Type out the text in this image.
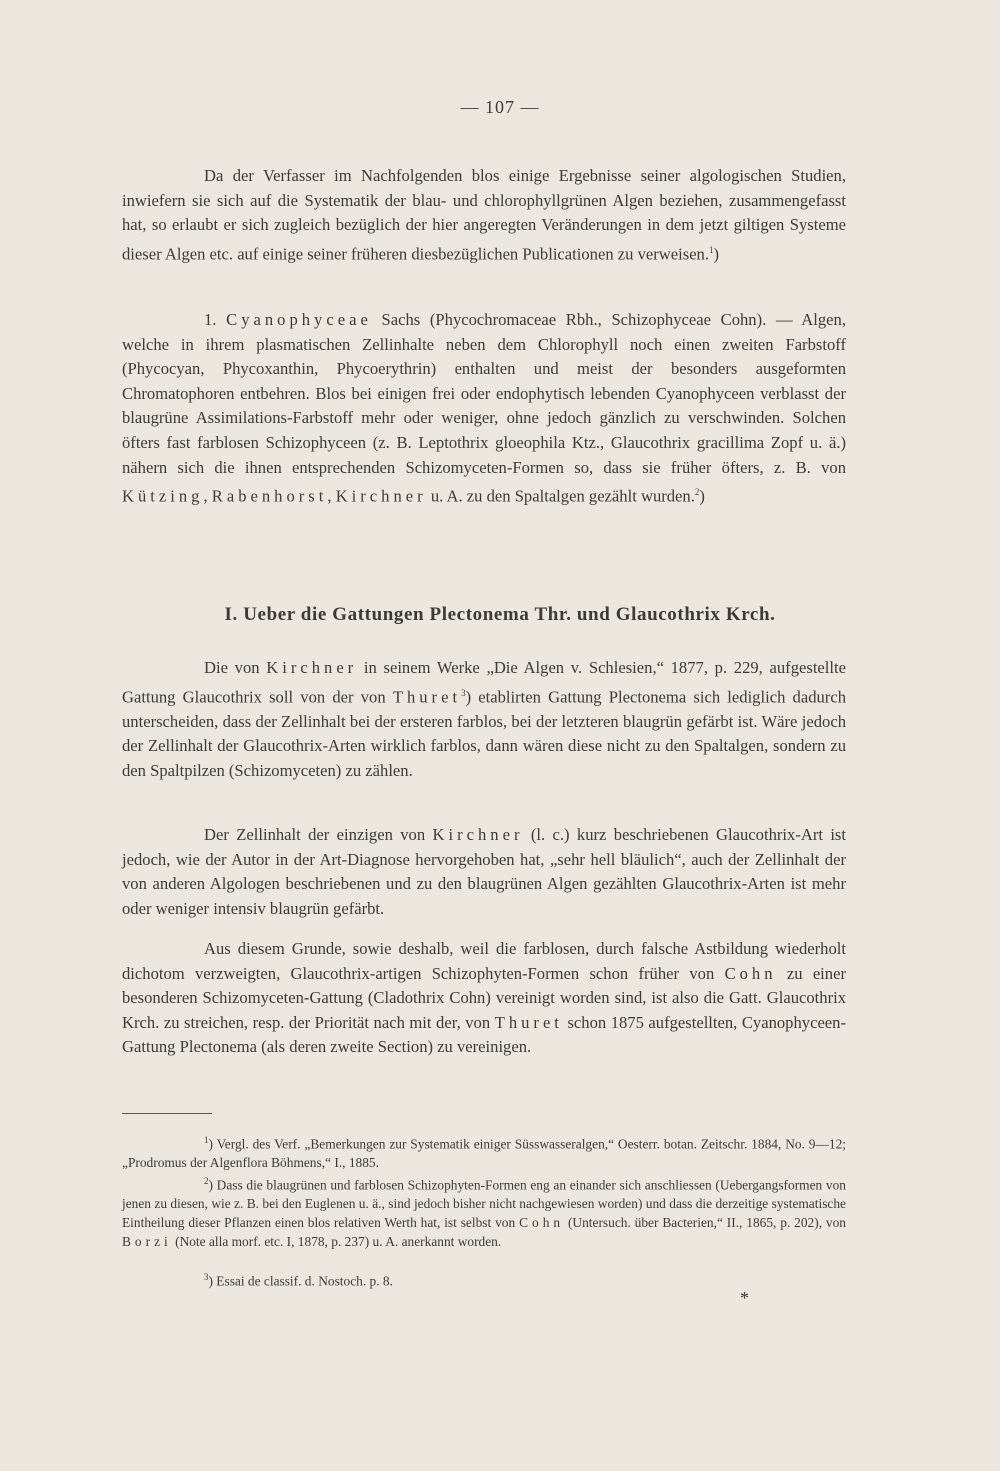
— 107 —

Da der Verfasser im Nachfolgenden blos einige Ergebnisse seiner algologischen Studien, inwiefern sie sich auf die Systematik der blau- und chlorophyllgrünen Algen beziehen, zusammengefasst hat, so erlaubt er sich zugleich bezüglich der hier angeregten Veränderungen in dem jetzt giltigen Systeme dieser Algen etc. auf einige seiner früheren diesbezüglichen Publicationen zu verweisen.$^1$)

1. Cyanophyceae Sachs (Phycochromaceae Rbh., Schizophyceae Cohn). — Algen, welche in ihrem plasmatischen Zellinhalte neben dem Chlorophyll noch einen zweiten Farbstoff (Phycocyan, Phycoxanthin, Phycoerythrin) enthalten und meist der besonders ausgeformten Chromatophoren entbehren. Blos bei einigen frei oder endophytisch lebenden Cyanophyceen verblasst der blaugrüne Assimilations-Farbstoff mehr oder weniger, ohne jedoch gänzlich zu verschwinden. Solchen öfters fast farblosen Schizophyceen (z. B. Leptothrix gloeophila Ktz., Glaucothrix gracillima Zopf u. ä.) nähern sich die ihnen entsprechenden Schizomyceten-Formen so, dass sie früher öfters, z. B. von Kützing, Rabenhorst, Kirchner u. A. zu den Spaltalgen gezählt wurden.$^2$)

I. Ueber die Gattungen Plectonema Thr. und Glaucothrix Krch.

Die von Kirchner in seinem Werke „Die Algen v. Schlesien,“ 1877, p. 229, aufgestellte Gattung Glaucothrix soll von der von Thuret$^3$) etablirten Gattung Plectonema sich lediglich dadurch unterscheiden, dass der Zellinhalt bei der ersteren farblos, bei der letzteren blaugrün gefärbt ist. Wäre jedoch der Zellinhalt der Glaucothrix-Arten wirklich farblos, dann wären diese nicht zu den Spaltalgen, sondern zu den Spaltpilzen (Schizomyceten) zu zählen.

Der Zellinhalt der einzigen von Kirchner (l. c.) kurz beschriebenen Glaucothrix-Art ist jedoch, wie der Autor in der Art-Diagnose hervorgehoben hat, „sehr hell bläulich“, auch der Zellinhalt der von anderen Algologen beschriebenen und zu den blaugrünen Algen gezählten Glaucothrix-Arten ist mehr oder weniger intensiv blaugrün gefärbt.

Aus diesem Grunde, sowie deshalb, weil die farblosen, durch falsche Astbildung wiederholt dichotom verzweigten, Glaucothrix-artigen Schizophyten-Formen schon früher von Cohn zu einer besonderen Schizomyceten-Gattung (Cladothrix Cohn) vereinigt worden sind, ist also die Gatt. Glaucothrix Krch. zu streichen, resp. der Priorität nach mit der, von Thuret schon 1875 aufgestellten, Cyanophyceen-Gattung Plectonema (als deren zweite Section) zu vereinigen.

$^1$) Vergl. des Verf. „Bemerkungen zur Systematik einiger Süsswasseralgen,“ Oesterr. botan. Zeitschr. 1884, No. 9—12; „Prodromus der Algenflora Böhmens,“ I., 1885.

$^2$) Dass die blaugrünen und farblosen Schizophyten-Formen eng an einander sich anschliessen (Uebergangsformen von jenen zu diesen, wie z. B. bei den Euglenen u. ä., sind jedoch bisher nicht nachgewiesen worden) und dass die derzeitige systematische Eintheilung dieser Pflanzen einen blos relativen Werth hat, ist selbst von Cohn (Untersuch. über Bacterien,“ II., 1865, p. 202), von Borzi (Note alla morf. etc. I, 1878, p. 237) u. A. anerkannt worden.

$^3$) Essai de classif. d. Nostoch. p. 8.

*
